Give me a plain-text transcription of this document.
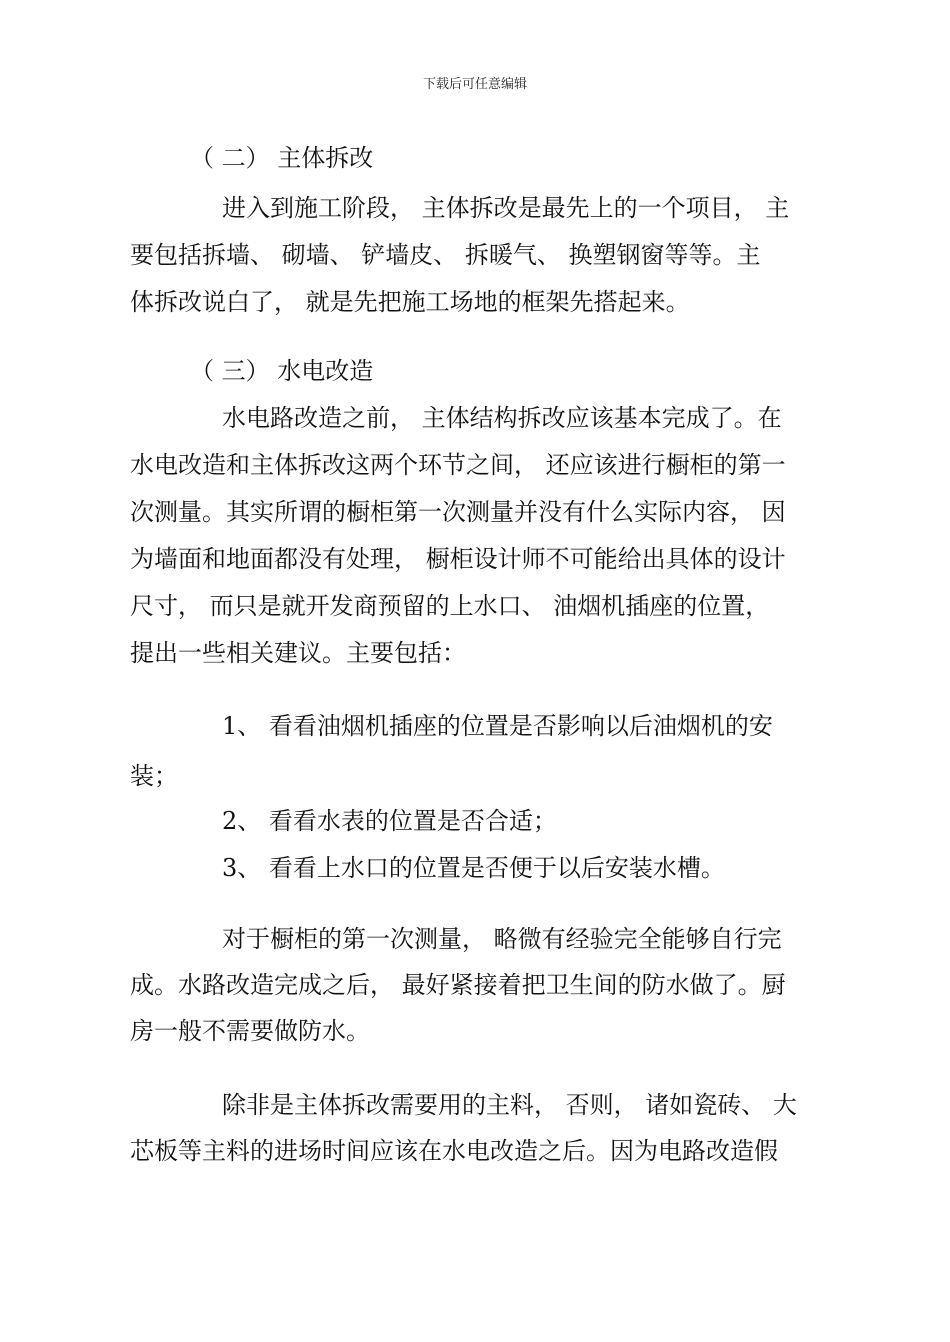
下载后可任意编辑
（ 二） 主体拆改
进入到施工阶段， 主体拆改是最先上的一个项目， 主
要包括拆墙、 砌墙、 铲墙皮、 拆暖气、 换塑钢窗等等。主
体拆改说白了， 就是先把施工场地的框架先搭起来。
（ 三） 水电改造
水电路改造之前， 主体结构拆改应该基本完成了。在
水电改造和主体拆改这两个环节之间， 还应该进行橱柜的第一
次测量。其实所谓的橱柜第一次测量并没有什么实际内容， 因
为墙面和地面都没有处理， 橱柜设计师不可能给出具体的设计
尺寸， 而只是就开发商预留的上水口、 油烟机插座的位置，
提出一些相关建议。主要包括：
1、 看看油烟机插座的位置是否影响以后油烟机的安
装；
2、 看看水表的位置是否合适；
3、 看看上水口的位置是否便于以后安装水槽。
对于橱柜的第一次测量， 略微有经验完全能够自行完
成。水路改造完成之后， 最好紧接着把卫生间的防水做了。厨
房一般不需要做防水。
除非是主体拆改需要用的主料， 否则， 诸如瓷砖、 大
芯板等主料的进场时间应该在水电改造之后。因为电路改造假
